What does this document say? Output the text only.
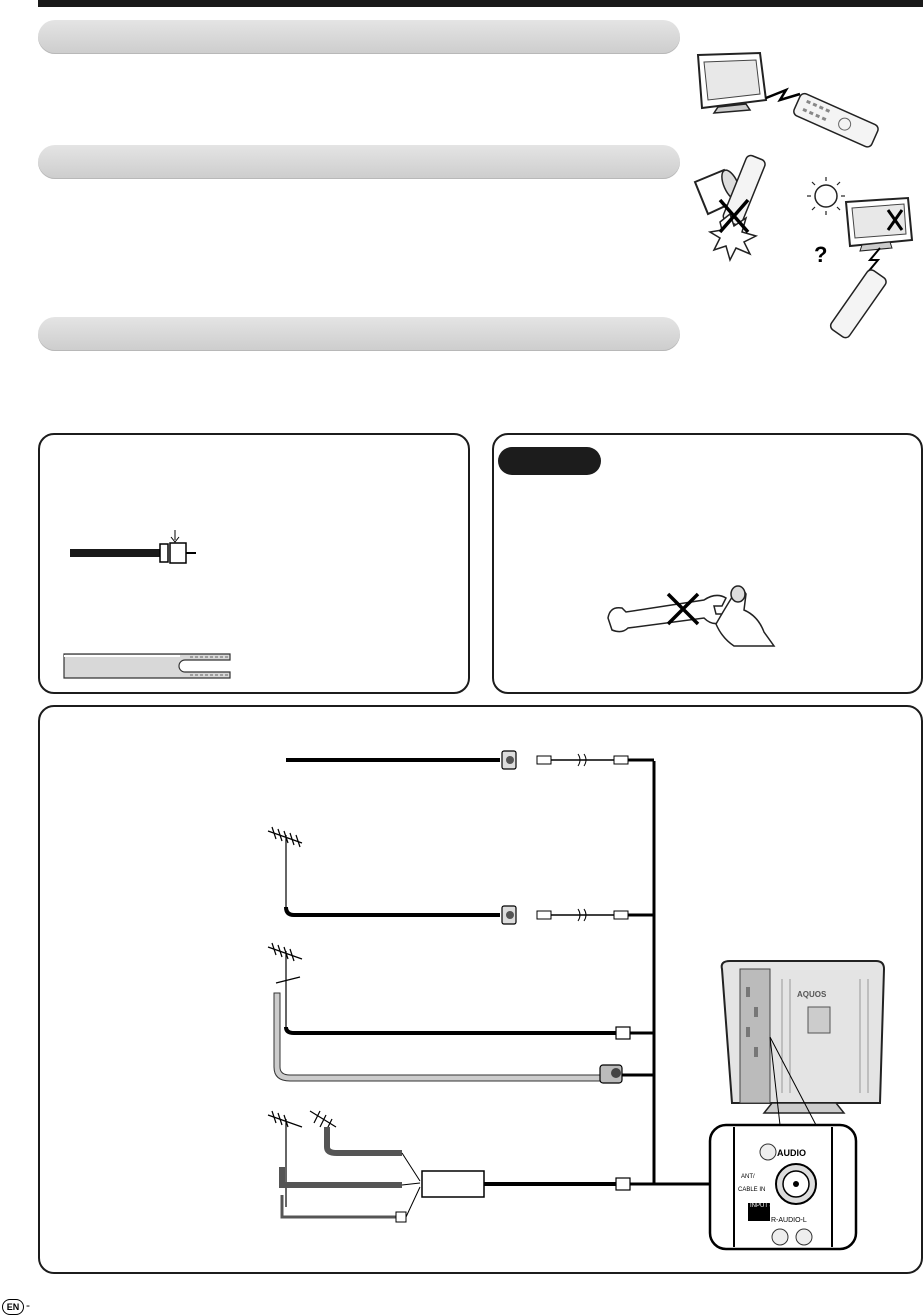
?
AQUOS
AUDIO
ANT/
CABLE IN
INPUT 8
R-AUDIO-L
EN -
